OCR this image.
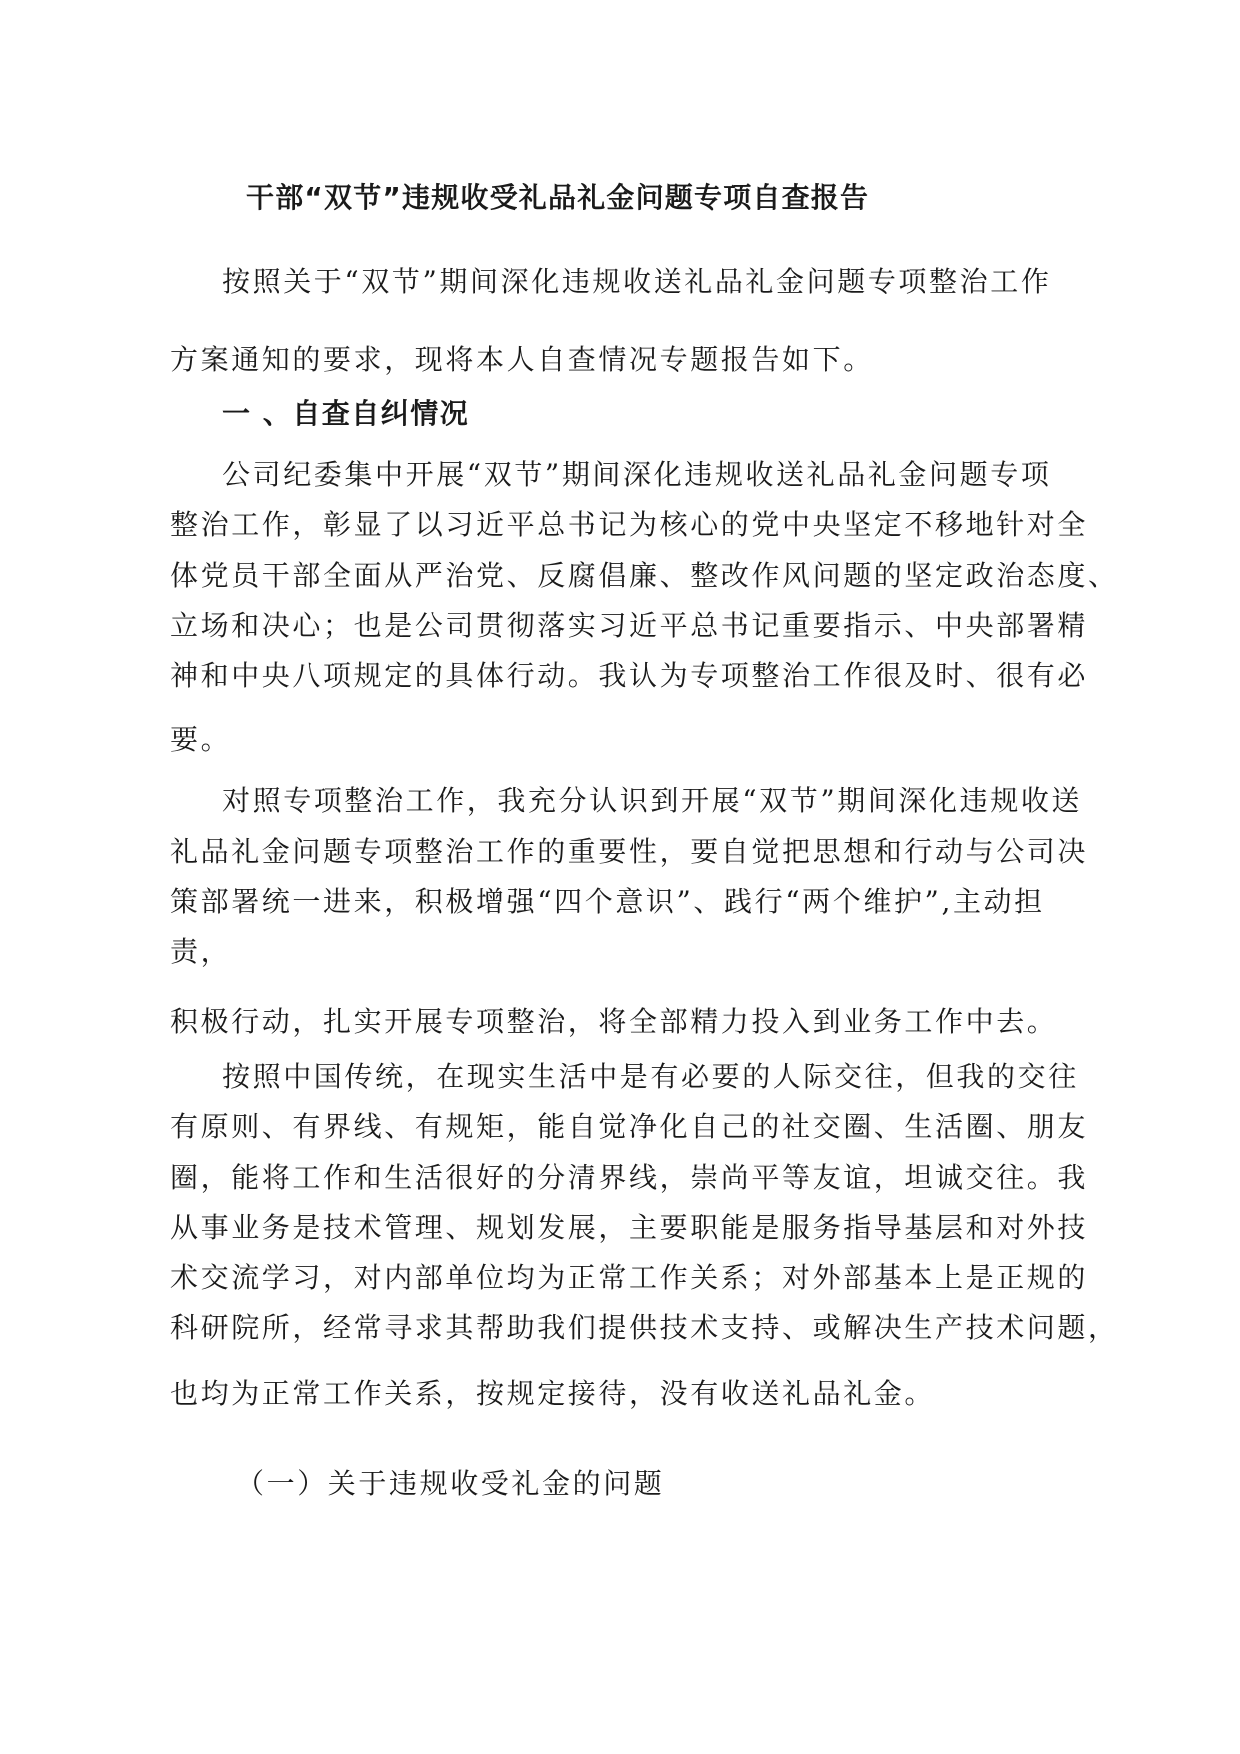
干部“双节”违规收受礼品礼金问题专项自查报告

按照关于“双节”期间深化违规收送礼品礼金问题专项整治工作

方案通知的要求，现将本人自查情况专题报告如下。

一 、自查自纠情况

公司纪委集中开展“双节”期间深化违规收送礼品礼金问题专项

整治工作，彰显了以习近平总书记为核心的党中央坚定不移地针对全

体党员干部全面从严治党、反腐倡廉、整改作风问题的坚定政治态度、

立场和决心；也是公司贯彻落实习近平总书记重要指示、中央部署精

神和中央八项规定的具体行动。我认为专项整治工作很及时、很有必

要。

对照专项整治工作，我充分认识到开展“双节”期间深化违规收送

礼品礼金问题专项整治工作的重要性，要自觉把思想和行动与公司决

策部署统一进来，积极增强“四个意识”、践行“两个维护”,主动担

责，

积极行动，扎实开展专项整治，将全部精力投入到业务工作中去。

按照中国传统，在现实生活中是有必要的人际交往，但我的交往

有原则、有界线、有规矩，能自觉净化自己的社交圈、生活圈、朋友

圈，能将工作和生活很好的分清界线，崇尚平等友谊，坦诚交往。我

从事业务是技术管理、规划发展，主要职能是服务指导基层和对外技

术交流学习，对内部单位均为正常工作关系；对外部基本上是正规的

科研院所，经常寻求其帮助我们提供技术支持、或解决生产技术问题，

也均为正常工作关系，按规定接待，没有收送礼品礼金。

（一）关于违规收受礼金的问题
